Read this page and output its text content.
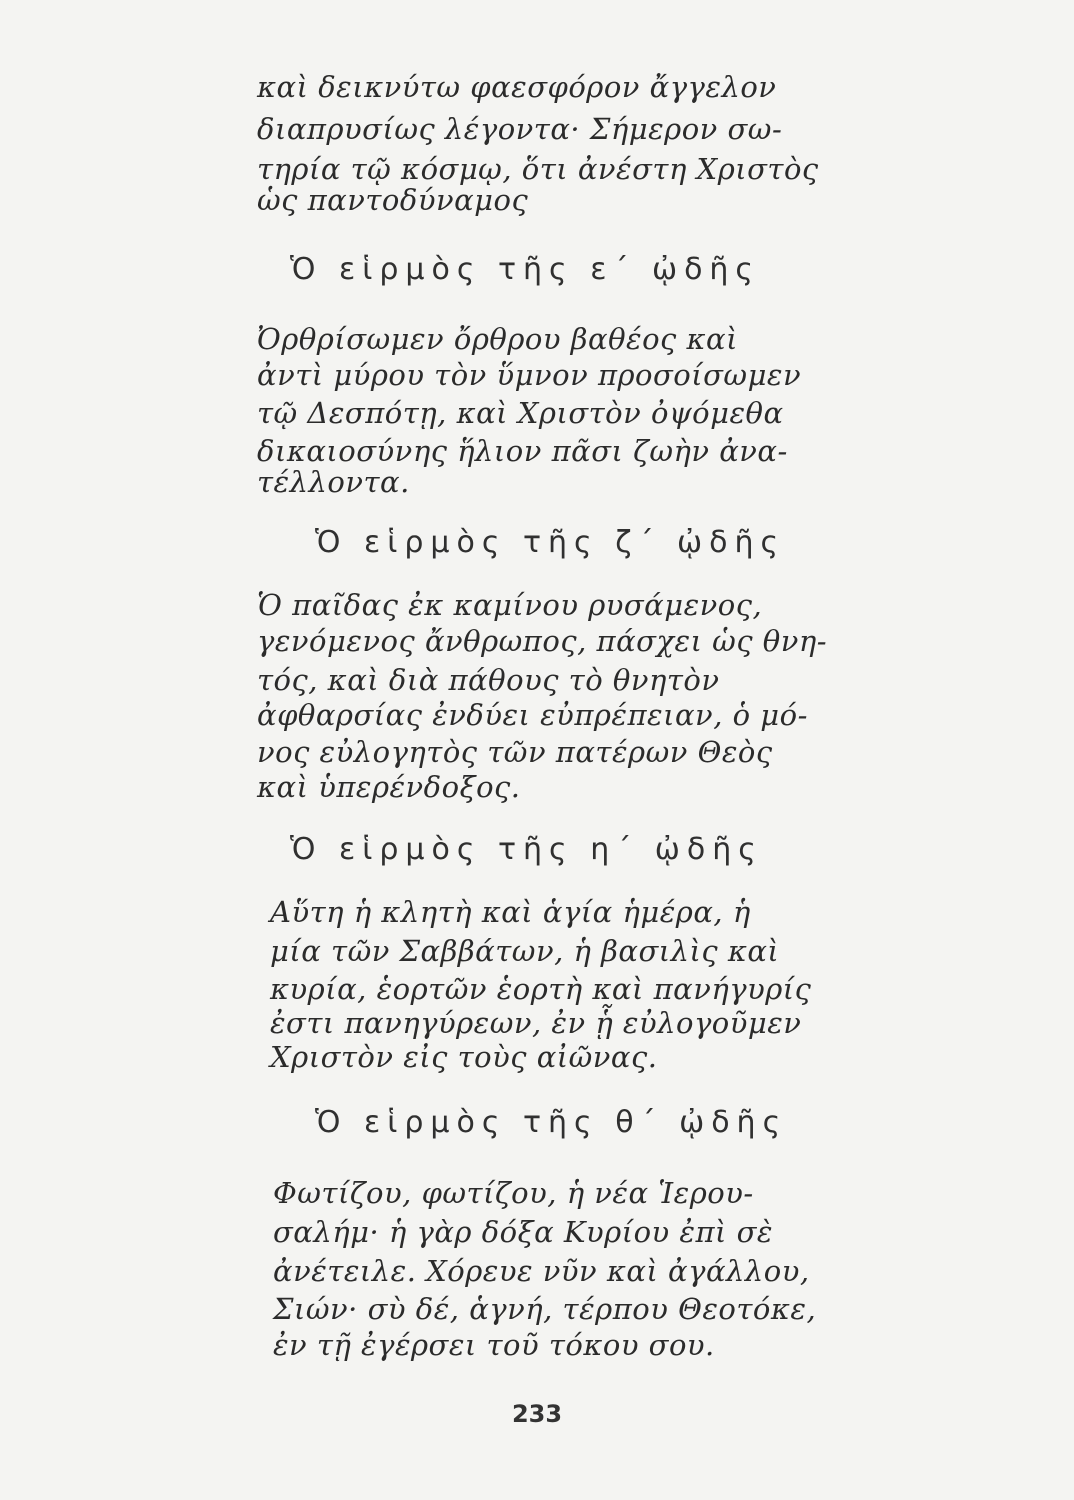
καὶ δεικνύτω φαεσφόρον ἄγγελον
διαπρυσίως λέγοντα· Σήμερον σω-
τηρία τῷ κόσμῳ, ὅτι ἀνέστη Χριστὸς
ὡς παντοδύναμος
Ὁ εἱρμὸς τῆς ε΄ ᾠδῆς
Ὀρθρίσωμεν ὄρθρου βαθέος καὶ
ἀντὶ μύρου τὸν ὕμνον προσοίσωμεν
τῷ Δεσπότῃ, καὶ Χριστὸν ὀψόμεθα
δικαιοσύνης ἥλιον πᾶσι ζωὴν ἀνα-
τέλλοντα.
Ὁ εἱρμὸς τῆς ζ΄ ᾠδῆς
Ὁ παῖδας ἐκ καμίνου ρυσάμενος,
γενόμενος ἄνθρωπος, πάσχει ὡς θνη-
τός, καὶ διὰ πάθους τὸ θνητὸν
ἀφθαρσίας ἐνδύει εὐπρέπειαν, ὁ μό-
νος εὐλογητὸς τῶν πατέρων Θεὸς
καὶ ὑπερένδοξος.
Ὁ εἱρμὸς τῆς η΄ ᾠδῆς
Αὕτη ἡ κλητὴ καὶ ἁγία ἡμέρα, ἡ
μία τῶν Σαββάτων, ἡ βασιλὶς καὶ
κυρία, ἑορτῶν ἑορτὴ καὶ πανήγυρίς
ἐστι πανηγύρεων, ἐν ᾗ εὐλογοῦμεν
Χριστὸν εἰς τοὺς αἰῶνας.
Ὁ εἱρμὸς τῆς θ΄ ᾠδῆς
Φωτίζου, φωτίζου, ἡ νέα Ἱερου-
σαλήμ· ἡ γὰρ δόξα Κυρίου ἐπὶ σὲ
ἀνέτειλε. Χόρευε νῦν καὶ ἀγάλλου,
Σιών· σὺ δέ, ἁγνή, τέρπου Θεοτόκε,
ἐν τῇ ἐγέρσει τοῦ τόκου σου.
233
